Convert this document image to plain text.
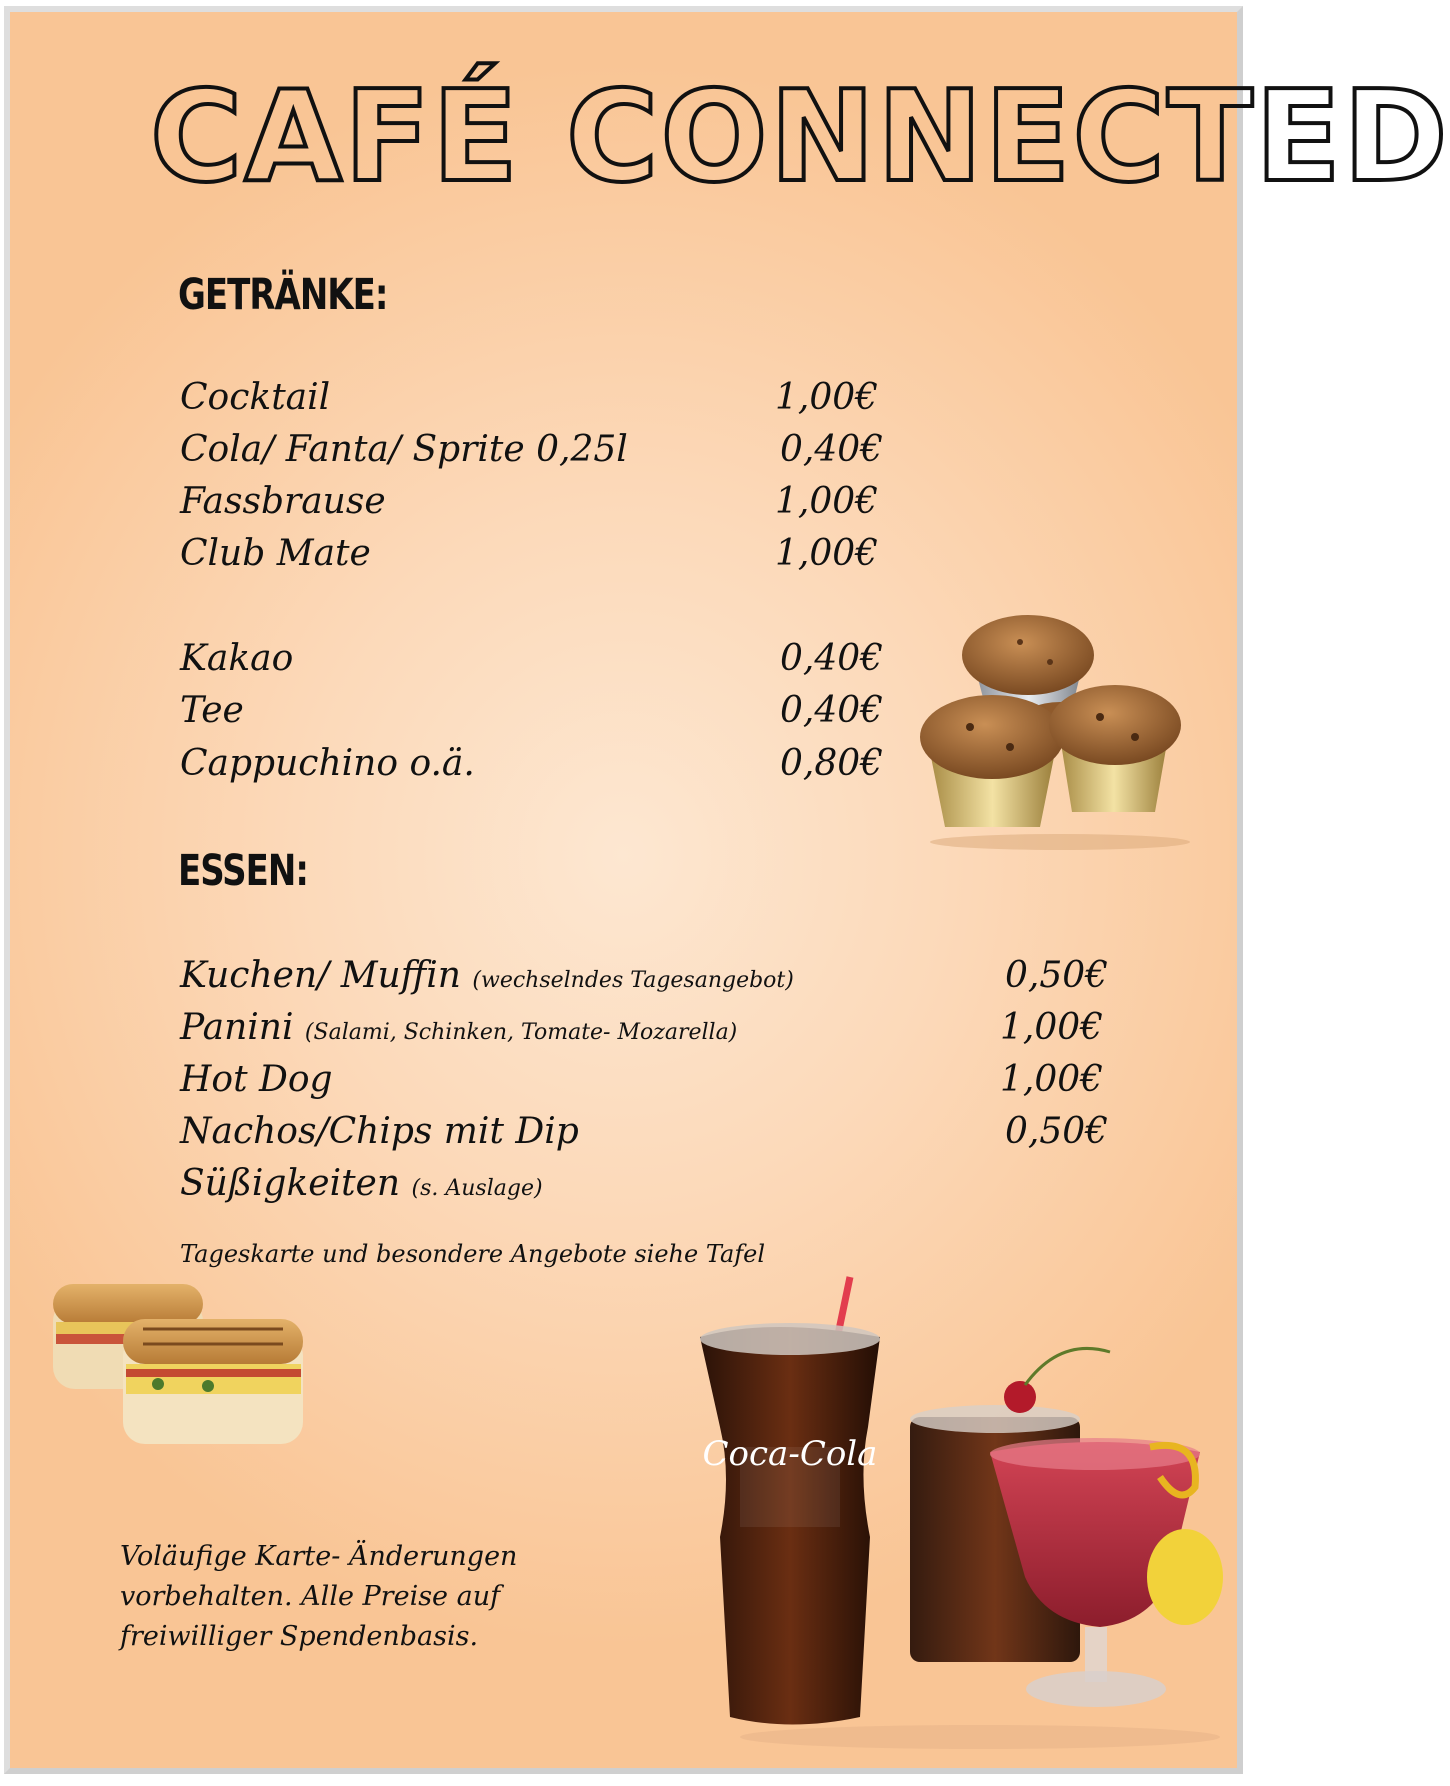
CAFÉ CONNECTED
GETRÄNKE:
Cocktail	1,00€
Cola/ Fanta/ Sprite 0,25l	0,40€
Fassbrause	1,00€
Club Mate	1,00€
Kakao	0,40€
Tee	0,40€
Cappuchino o.ä.	0,80€
ESSEN:
Kuchen/ Muffin (wechselndes Tagesangebot)	0,50€
Panini (Salami, Schinken, Tomate- Mozarella)	1,00€
Hot Dog	1,00€
Nachos/Chips mit Dip	0,50€
Süßigkeiten (s. Auslage)
Tageskarte und besondere Angebote siehe Tafel
Voläufige Karte- Änderungen
vorbehalten. Alle Preise auf
freiwilliger Spendenbasis.
Coca-Cola
